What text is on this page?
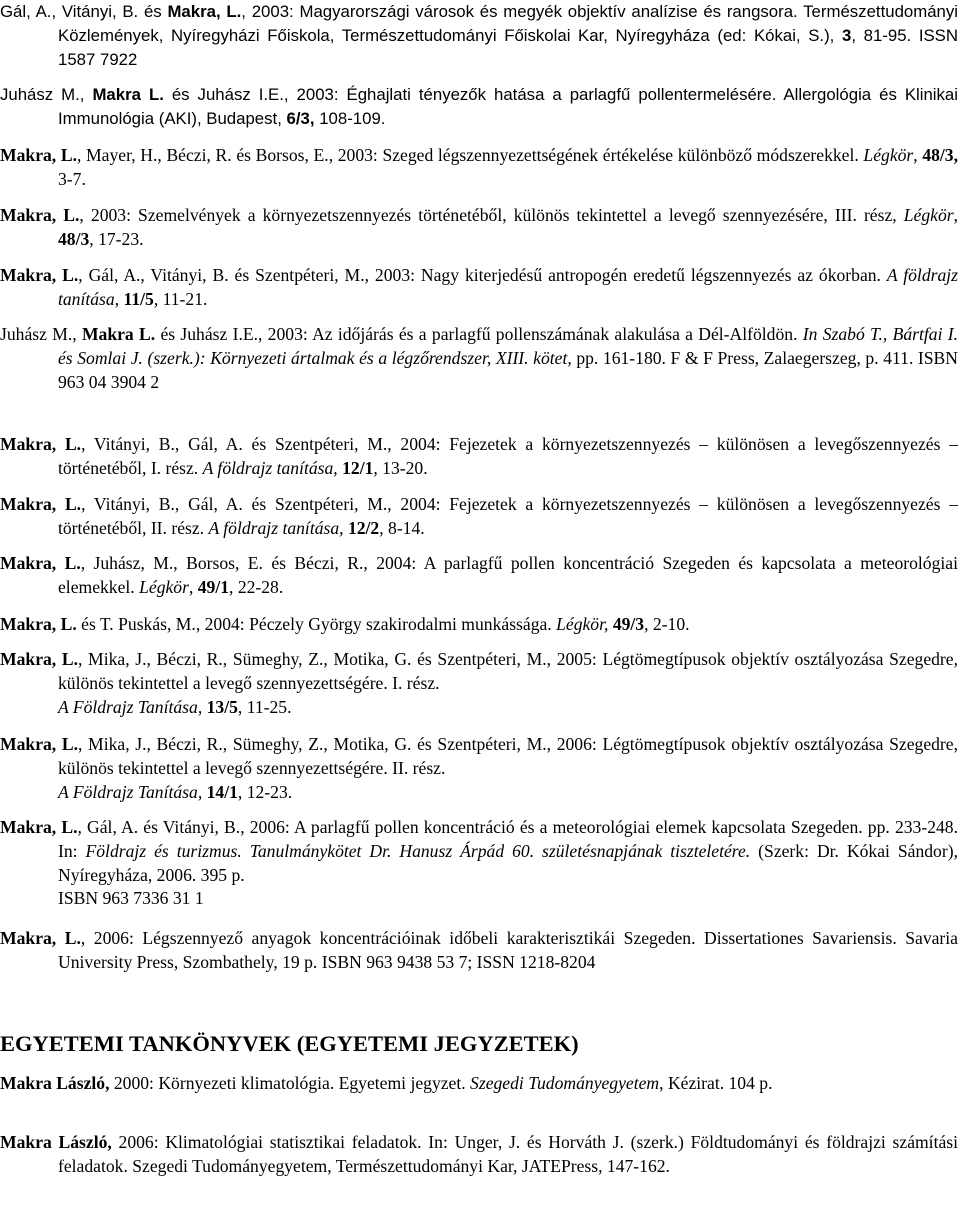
Gál, A., Vitányi, B. és Makra, L., 2003: Magyarországi városok és megyék objektív analízise és rangsora. Természettudományi Közlemények, Nyíregyházi Főiskola, Természettudományi Főiskolai Kar, Nyíregyháza (ed: Kókai, S.), 3, 81-95. ISSN 1587 7922

Juhász M., Makra L. és Juhász I.E., 2003: Éghajlati tényezők hatása a parlagfű pollentermelésére. Allergológia és Klinikai Immunológia (AKI), Budapest, 6/3, 108-109.

Makra, L., Mayer, H., Béczi, R. és Borsos, E., 2003: Szeged légszennyezettségének értékelése különböző módszerekkel. Légkör, 48/3, 3-7.

Makra, L., 2003: Szemelvények a környezetszennyezés történetéből, különös tekintettel a levegő szennyezésére, III. rész, Légkör, 48/3, 17-23.

Makra, L., Gál, A., Vitányi, B. és Szentpéteri, M., 2003: Nagy kiterjedésű antropogén eredetű légszennyezés az ókorban. A földrajz tanítása, 11/5, 11-21.

Juhász M., Makra L. és Juhász I.E., 2003: Az időjárás és a parlagfű pollenszámának alakulása a Dél-Alföldön. In Szabó T., Bártfai I. és Somlai J. (szerk.): Környezeti ártalmak és a légzőrendszer, XIII. kötet, pp. 161-180. F & F Press, Zalaegerszeg, p. 411. ISBN 963 04 3904 2

Makra, L., Vitányi, B., Gál, A. és Szentpéteri, M., 2004: Fejezetek a környezetszennyezés – különösen a levegőszennyezés – történetéből, I. rész. A földrajz tanítása, 12/1, 13-20.

Makra, L., Vitányi, B., Gál, A. és Szentpéteri, M., 2004: Fejezetek a környezetszennyezés – különösen a levegőszennyezés – történetéből, II. rész. A földrajz tanítása, 12/2, 8-14.

Makra, L., Juhász, M., Borsos, E. és Béczi, R., 2004: A parlagfű pollen koncentráció Szegeden és kapcsolata a meteorológiai elemekkel. Légkör, 49/1, 22-28.

Makra, L. és T. Puskás, M., 2004: Péczely György szakirodalmi munkássága. Légkör, 49/3, 2-10.

Makra, L., Mika, J., Béczi, R., Sümeghy, Z., Motika, G. és Szentpéteri, M., 2005: Légtömegtípusok objektív osztályozása Szegedre, különös tekintettel a levegő szennyezettségére. I. rész.
A Földrajz Tanítása, 13/5, 11-25.

Makra, L., Mika, J., Béczi, R., Sümeghy, Z., Motika, G. és Szentpéteri, M., 2006: Légtömegtípusok objektív osztályozása Szegedre, különös tekintettel a levegő szennyezettségére. II. rész.
A Földrajz Tanítása, 14/1, 12-23.

Makra, L., Gál, A. és Vitányi, B., 2006: A parlagfű pollen koncentráció és a meteorológiai elemek kapcsolata Szegeden. pp. 233-248. In: Földrajz és turizmus. Tanulmánykötet Dr. Hanusz Árpád 60. születésnapjának tiszteletére. (Szerk: Dr. Kókai Sándor), Nyíregyháza, 2006. 395 p.
ISBN 963 7336 31 1

Makra, L., 2006: Légszennyező anyagok koncentrációinak időbeli karakterisztikái Szegeden. Dissertationes Savariensis. Savaria University Press, Szombathely, 19 p. ISBN 963 9438 53 7; ISSN 1218-8204

EGYETEMI TANKÖNYVEK (EGYETEMI JEGYZETEK)

Makra László, 2000: Környezeti klimatológia. Egyetemi jegyzet. Szegedi Tudományegyetem, Kézirat. 104 p.

Makra László, 2006: Klimatológiai statisztikai feladatok. In: Unger, J. és Horváth J. (szerk.) Földtudományi és földrajzi számítási feladatok. Szegedi Tudományegyetem, Természettudományi Kar, JATEPress, 147-162.
